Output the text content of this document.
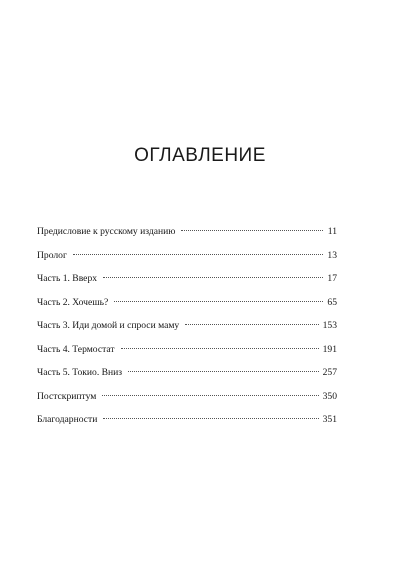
ОГЛАВЛЕНИЕ
Предисловие к русскому изданию	11
Пролог	13
Часть 1. Вверх	17
Часть 2. Хочешь?	65
Часть 3. Иди домой и спроси маму	153
Часть 4. Термостат	191
Часть 5. Токио. Вниз	257
Постскриптум	350
Благодарности	351
